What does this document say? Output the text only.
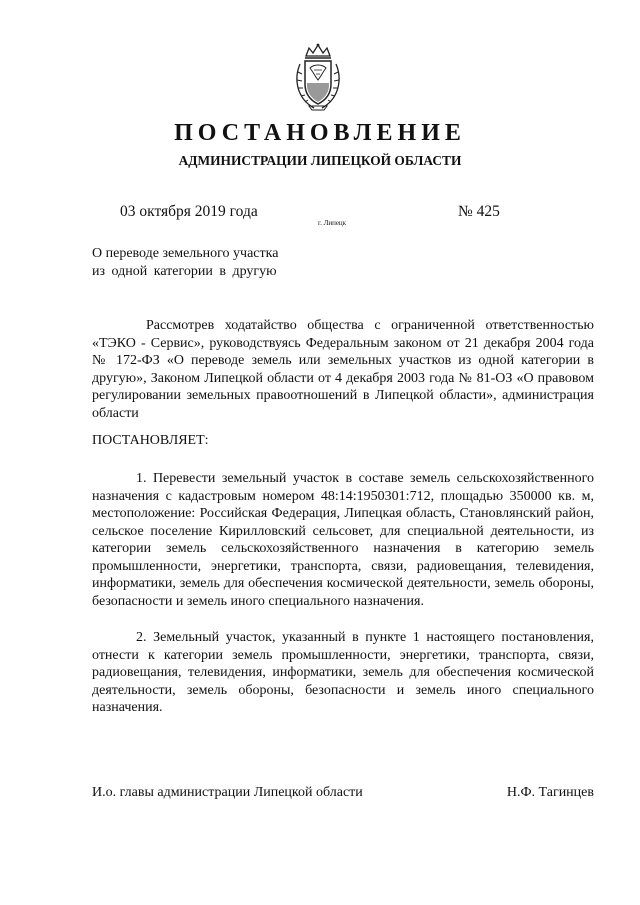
ПОСТАНОВЛЕНИЕ
АДМИНИСТРАЦИИ ЛИПЕЦКОЙ ОБЛАСТИ
03 октября 2019 года
г. Липецк
№ 425
О переводе земельного участка
из одной категории в другую

Рассмотрев ходатайство общества с ограниченной ответственностью «ТЭКО - Сервис», руководствуясь Федеральным законом от 21 декабря 2004 года № 172-ФЗ «О переводе земель или земельных участков из одной категории в другую», Законом Липецкой области от 4 декабря 2003 года № 81-ОЗ «О правовом регулировании земельных правоотношений в Липецкой области», администрация области

ПОСТАНОВЛЯЕТ:

1. Перевести земельный участок в составе земель сельскохозяйственного назначения с кадастровым номером 48:14:1950301:712, площадью 350000 кв. м, местоположение: Российская Федерация, Липецкая область, Становлянский район, сельское поселение Кирилловский сельсовет, для специальной деятельности, из категории земель сельскохозяйственного назначения в категорию земель промышленности, энергетики, транспорта, связи, радиовещания, телевидения, информатики, земель для обеспечения космической деятельности, земель обороны, безопасности и земель иного специального назначения.

2. Земельный участок, указанный в пункте 1 настоящего постановления, отнести к категории земель промышленности, энергетики, транспорта, связи, радиовещания, телевидения, информатики, земель для обеспечения космической деятельности, земель обороны, безопасности и земель иного специального назначения.

И.о. главы администрации Липецкой области	Н.Ф. Тагинцев
